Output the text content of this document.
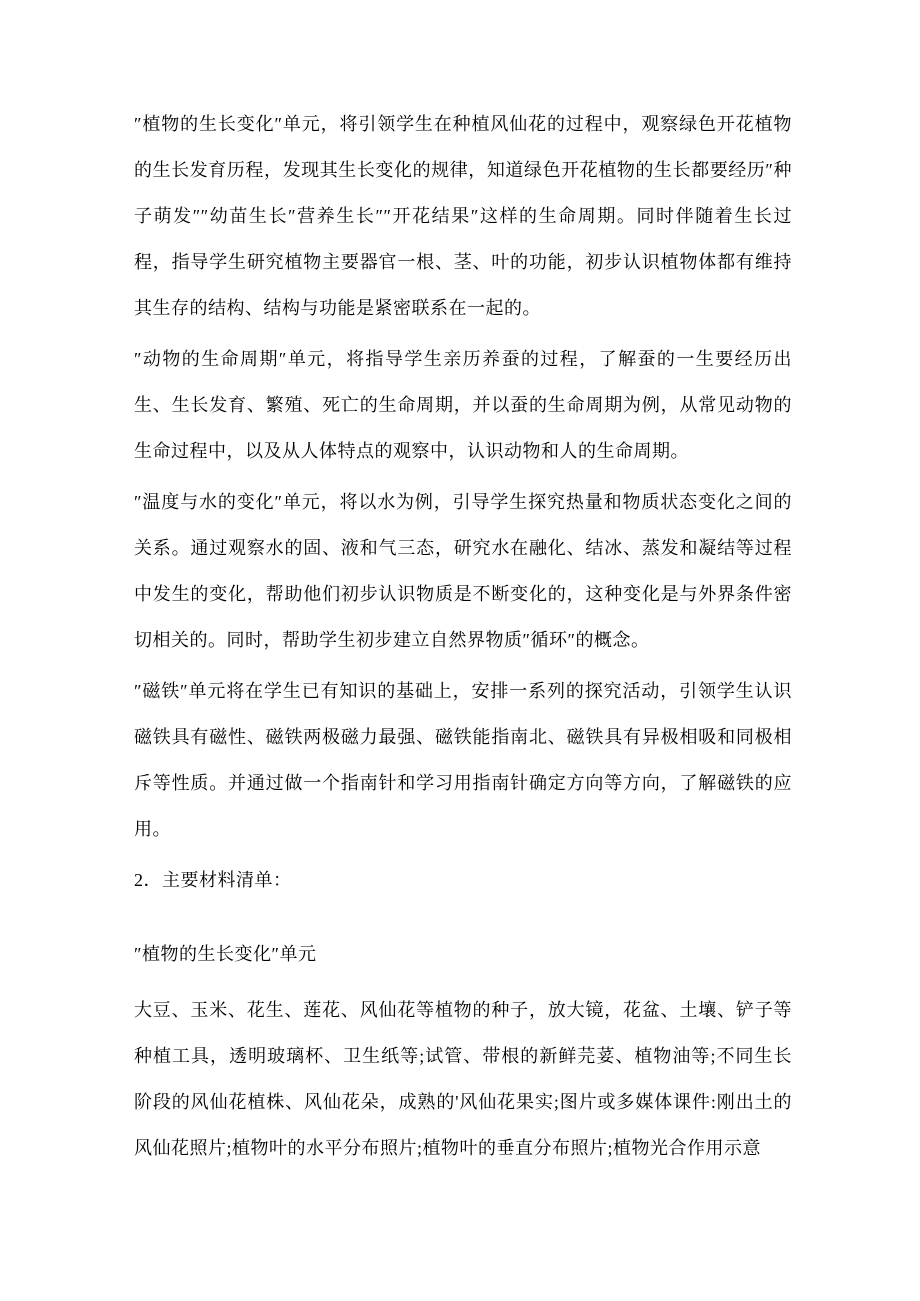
″植物的生长变化″单元，将引领学生在种植风仙花的过程中，观察绿色开花植物的生长发育历程，发现其生长变化的规律，知道绿色开花植物的生长都要经历″种子萌发″″幼苗生长″营养生长″″开花结果″这样的生命周期。同时伴随着生长过程，指导学生研究植物主要器官一根、茎、叶的功能，初步认识植物体都有维持其生存的结构、结构与功能是紧密联系在一起的。

″动物的生命周期″单元，将指导学生亲历养蚕的过程，了解蚕的一生要经历出生、生长发育、繁殖、死亡的生命周期，并以蚕的生命周期为例，从常见动物的生命过程中，以及从人体特点的观察中，认识动物和人的生命周期。

″温度与水的变化″单元，将以水为例，引导学生探究热量和物质状态变化之间的关系。通过观察水的固、液和气三态，研究水在融化、结冰、蒸发和凝结等过程中发生的变化，帮助他们初步认识物质是不断变化的，这种变化是与外界条件密切相关的。同时，帮助学生初步建立自然界物质″循环″的概念。

″磁铁″单元将在学生已有知识的基础上，安排一系列的探究活动，引领学生认识磁铁具有磁性、磁铁两极磁力最强、磁铁能指南北、磁铁具有异极相吸和同极相斥等性质。并通过做一个指南针和学习用指南针确定方向等方向，了解磁铁的应用。

2．主要材料清单：

″植物的生长变化″单元

大豆、玉米、花生、莲花、风仙花等植物的种子，放大镜，花盆、土壤、铲子等种植工具，透明玻璃杯、卫生纸等;试管、带根的新鲜芫荽、植物油等;不同生长阶段的风仙花植株、风仙花朵，成熟的'风仙花果实;图片或多媒体课件:刚出土的风仙花照片;植物叶的水平分布照片;植物叶的垂直分布照片;植物光合作用示意
